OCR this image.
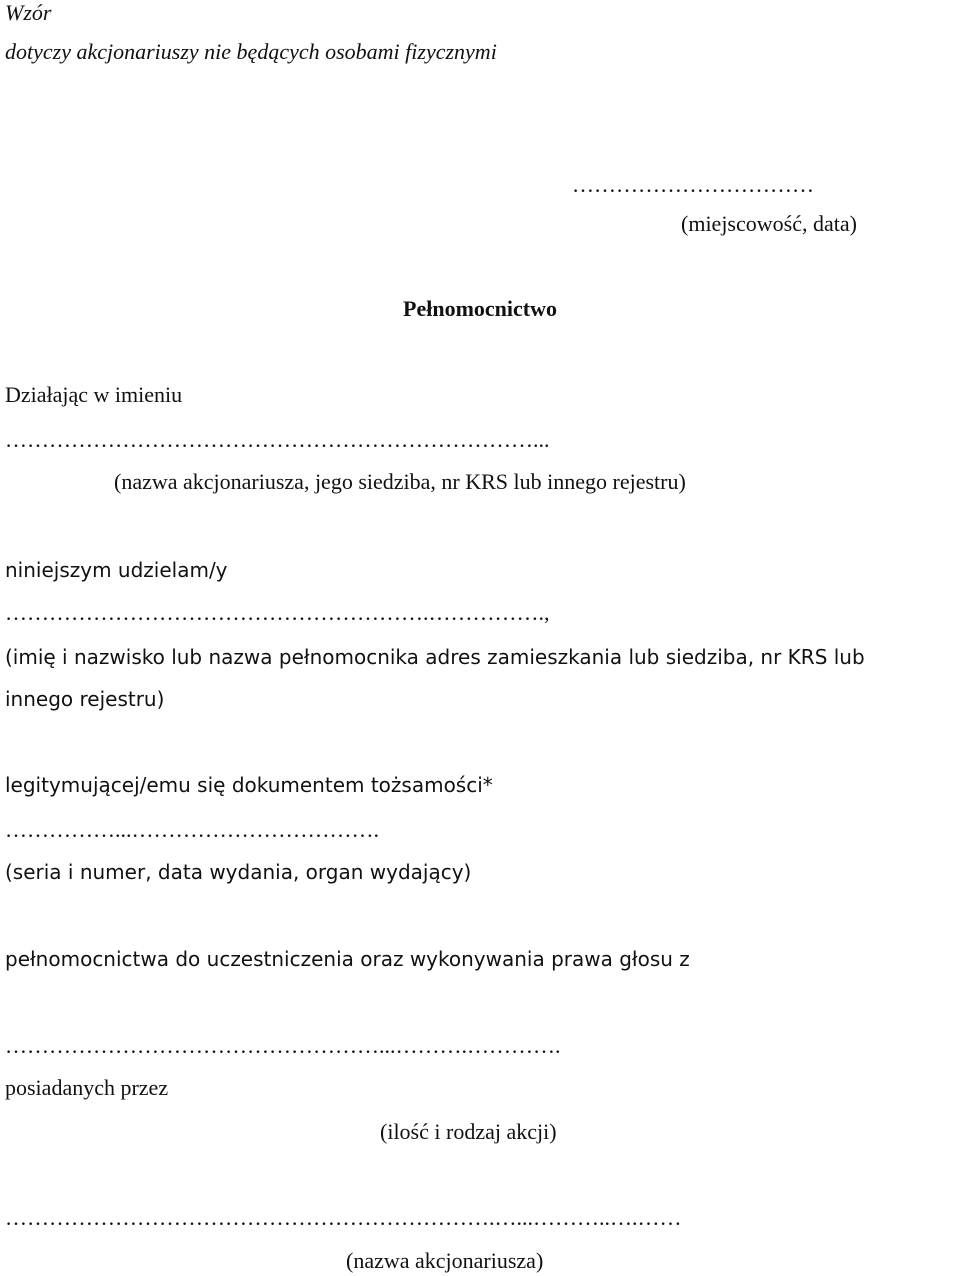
Wzór
dotyczy akcjonariuszy nie będących osobami fizycznymi
……………………………
(miejscowość, data)
Pełnomocnictwo
Działając w imieniu
………………………………………………………………...
(nazwa akcjonariusza, jego siedziba, nr KRS lub innego rejestru)
niniejszym udzielam/y
………………………………………………….…………….,
(imię i nazwisko lub nazwa pełnomocnika adres zamieszkania lub siedziba, nr KRS lub
innego rejestru)
legitymującej/emu się dokumentem tożsamości*
……………...…………………………….
(seria i numer, data wydania, organ wydający)
pełnomocnictwa do uczestniczenia oraz wykonywania prawa głosu z
……………………………………………...……….………….
posiadanych przez
(ilość i rodzaj akcji)
………………………………………………………….…...………..….……
(nazwa akcjonariusza)
